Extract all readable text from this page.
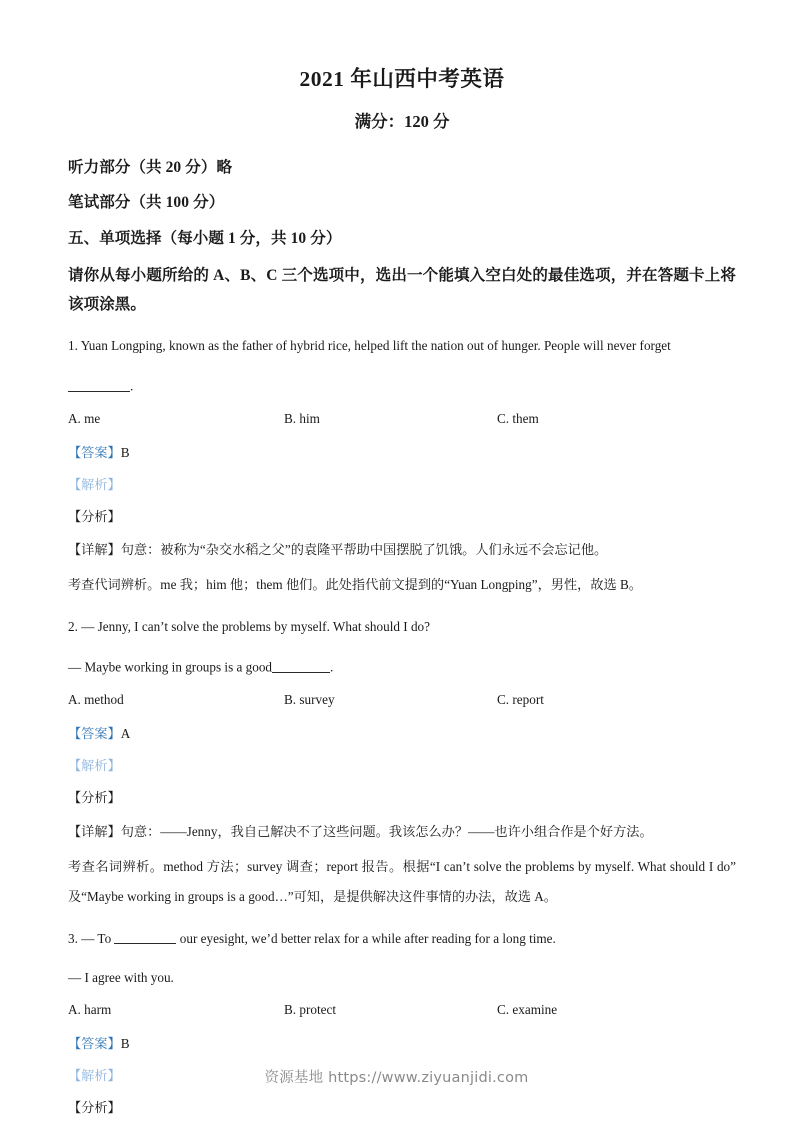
2021 年山西中考英语
满分：120 分
听力部分（共 20 分）略
笔试部分（共 100 分）
五、单项选择（每小题 1 分，共 10 分）

请你从每小题所给的 A、B、C 三个选项中，选出一个能填入空白处的最佳选项，并在答题卡上将该项涂黑。

1. Yuan Longping, known as the father of hybrid rice, helped lift the nation out of hunger. People will never forget

.

A. me	B. him	C. them

【答案】B

【解析】

【分析】

【详解】句意：被称为“杂交水稻之父”的袁隆平帮助中国摆脱了饥饿。人们永远不会忘记他。

考查代词辨析。me 我；him 他；them 他们。此处指代前文提到的“Yuan Longping”，男性，故选 B。

2. — Jenny, I can’t solve the problems by myself. What should I do?

— Maybe working in groups is a good	.

A. method	B. survey	C. report

【答案】A

【解析】

【分析】

【详解】句意：——Jenny，我自己解决不了这些问题。我该怎么办？——也许小组合作是个好方法。

考查名词辨析。method 方法；survey 调查；report 报告。根据“I can’t solve the problems by myself. What should I do”及“Maybe working in groups is a good…”可知，是提供解决这件事情的办法，故选 A。

3. — To	our eyesight, we’d better relax for a while after reading for a long time.

— I agree with you.

A. harm	B. protect	C. examine

【答案】B

【解析】

【分析】

资源基地 https://www.ziyuanjidi.com
